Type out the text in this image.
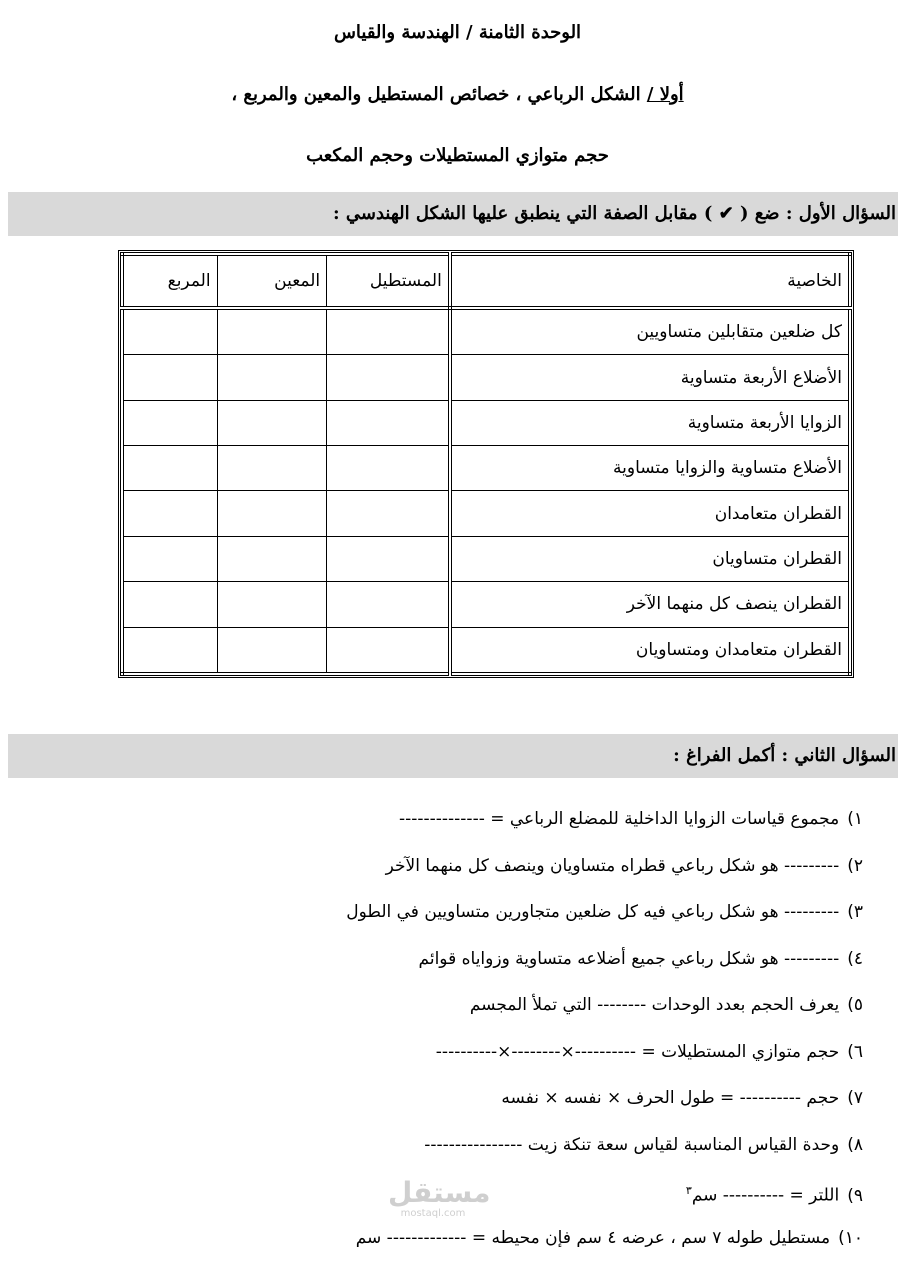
الوحدة الثامنة / الهندسة والقياس
أولا / الشكل الرباعي ، خصائص المستطيل والمعين والمربع ،
حجم متوازي المستطيلات وحجم المكعب
السؤال الأول : ضع ( ✔ ) مقابل الصفة التي ينطبق عليها الشكل الهندسي :
الخاصية	المستطيل	المعين	المربع
كل ضلعين متقابلين متساويين			
الأضلاع الأربعة متساوية			
الزوايا الأربعة متساوية			
الأضلاع متساوية والزوايا متساوية			
القطران متعامدان			
القطران متساويان			
القطران ينصف كل منهما الآخر			
القطران متعامدان ومتساويان			
السؤال الثاني : أكمل الفراغ :
١)مجموع قياسات الزوايا الداخلية للمضلع الرباعي = --------------
٢)--------- هو شكل رباعي قطراه متساويان وينصف كل منهما الآخر
٣)--------- هو شكل رباعي فيه كل ضلعين متجاورين متساويين في الطول
٤)--------- هو شكل رباعي جميع أضلاعه متساوية وزواياه قوائم
٥)يعرف الحجم بعدد الوحدات -------- التي تملأ المجسم
٦)حجم متوازي المستطيلات = ----------×--------×----------
٧)حجم ---------- = طول الحرف × نفسه × نفسه
٨)وحدة القياس المناسبة لقياس سعة تنكة زيت ----------------
٩)اللتر = ---------- سم$^٣$
١٠)مستطيل طوله ٧ سم ، عرضه ٤ سم فإن محيطه = ------------- سم
مستقل
mostaql.com
